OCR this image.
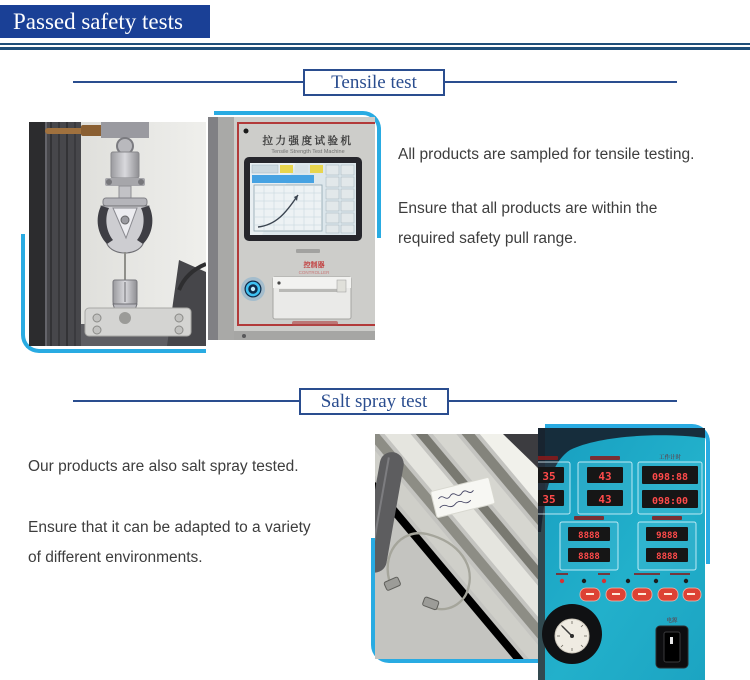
Passed safety tests
Tensile test
拉力强度试验机
Tensile Strength Test Machine
控制器
CONTROLLER
All products are sampled for tensile testing.
Ensure that all products are within the
required safety pull range.
Salt spray test
Our products are also salt spray tested.
Ensure that it can be adapted to a variety
of different environments.
35
35
43
43
工作计时
098:88
098:00
8888
8888
9888
8888
电源
